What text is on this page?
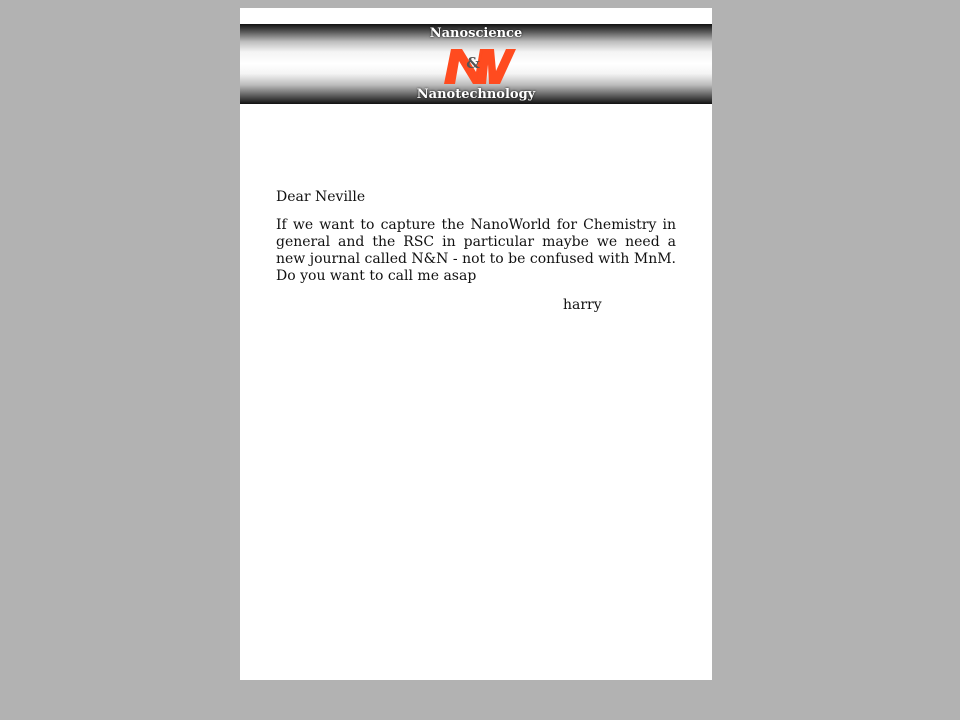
Nanoscience
&
Nanotechnology

Dear Neville

If we want to capture the NanoWorld for Chemistry in general and the RSC in particular maybe we need a new journal called N&N - not to be confused with MnM. Do you want to call me asap

harry
